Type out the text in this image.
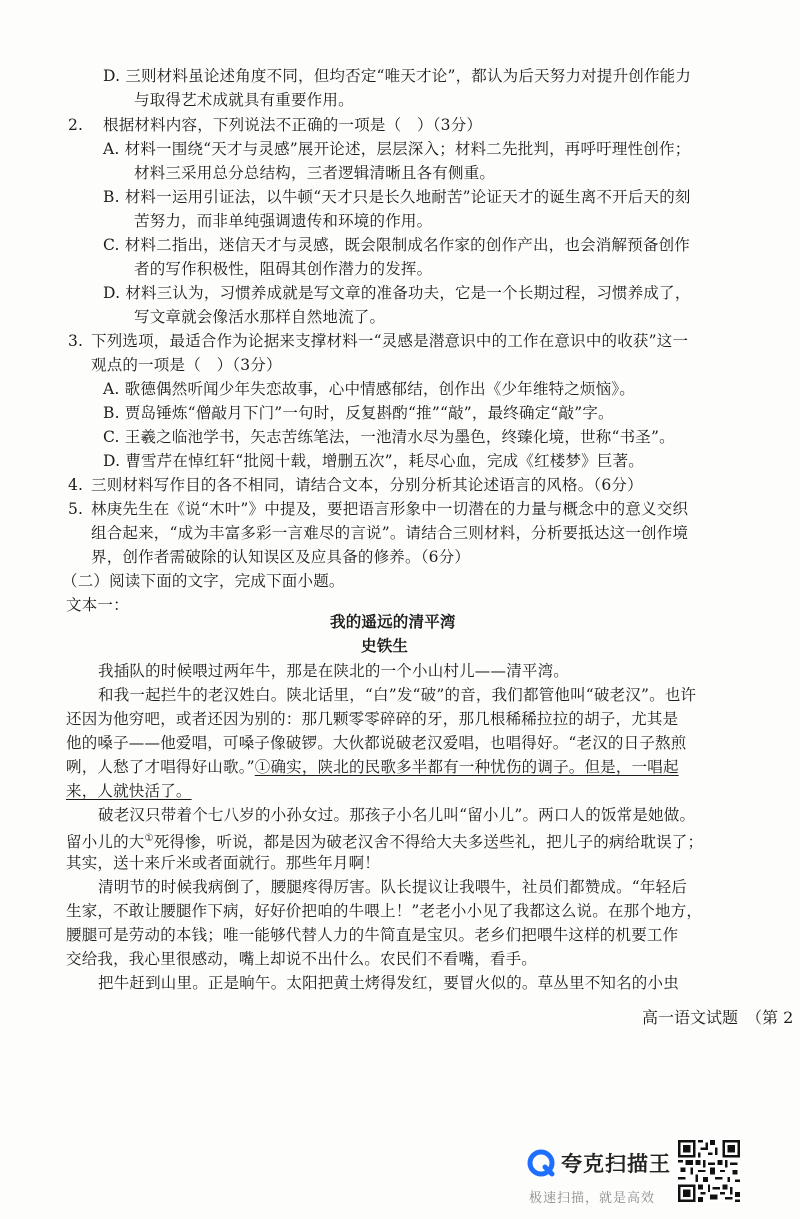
D. 三则材料虽论述角度不同，但均否定“唯天才论”，都认为后天努力对提升创作能力
与取得艺术成就具有重要作用。
2. 根据材料内容，下列说法不正确的一项是（　）（3分）
A. 材料一围绕“天才与灵感”展开论述，层层深入；材料二先批判，再呼吁理性创作；
材料三采用总分总结构，三者逻辑清晰且各有侧重。
B. 材料一运用引证法，以牛顿“天才只是长久地耐苦”论证天才的诞生离不开后天的刻
苦努力，而非单纯强调遗传和环境的作用。
C. 材料二指出，迷信天才与灵感，既会限制成名作家的创作产出，也会消解预备创作
者的写作积极性，阻碍其创作潜力的发挥。
D. 材料三认为，习惯养成就是写文章的准备功夫，它是一个长期过程，习惯养成了，
写文章就会像活水那样自然地流了。
3. 下列选项，最适合作为论据来支撑材料一“灵感是潜意识中的工作在意识中的收获”这一
观点的一项是（　）（3分）
A. 歌德偶然听闻少年失恋故事，心中情感郁结，创作出《少年维特之烦恼》。
B. 贾岛锤炼“僧敲月下门”一句时，反复斟酌“推”“敲”，最终确定“敲”字。
C. 王羲之临池学书，矢志苦练笔法，一池清水尽为墨色，终臻化境，世称“书圣”。
D. 曹雪芹在悼红轩“批阅十载，增删五次”，耗尽心血，完成《红楼梦》巨著。
4. 三则材料写作目的各不相同，请结合文本，分别分析其论述语言的风格。（6分）
5. 林庚先生在《说“木叶”》中提及，要把语言形象中一切潜在的力量与概念中的意义交织
组合起来，“成为丰富多彩一言难尽的言说”。请结合三则材料，分析要抵达这一创作境
界，创作者需破除的认知误区及应具备的修养。（6分）
（二）阅读下面的文字，完成下面小题。
文本一：
我的遥远的清平湾
史铁生
我插队的时候喂过两年牛，那是在陕北的一个小山村儿——清平湾。
和我一起拦牛的老汉姓白。陕北话里，“白”发“破”的音，我们都管他叫“破老汉”。也许
还因为他穷吧，或者还因为别的：那几颗零零碎碎的牙，那几根稀稀拉拉的胡子，尤其是
他的嗓子——他爱唱，可嗓子像破锣。大伙都说破老汉爱唱，也唱得好。“老汉的日子熬煎
咧，人愁了才唱得好山歌。”①确实，陕北的民歌多半都有一种忧伤的调子。但是，一唱起
来，人就快活了。
破老汉只带着个七八岁的小孙女过。那孩子小名儿叫“留小儿”。两口人的饭常是她做。
留小儿的大①死得惨，听说，都是因为破老汉舍不得给大夫多送些礼，把儿子的病给耽误了；
其实，送十来斤米或者面就行。那些年月啊！
清明节的时候我病倒了，腰腿疼得厉害。队长提议让我喂牛，社员们都赞成。“年轻后
生家，不敢让腰腿作下病，好好价把咱的牛喂上！”老老小小见了我都这么说。在那个地方，
腰腿可是劳动的本钱；唯一能够代替人力的牛简直是宝贝。老乡们把喂牛这样的机要工作
交给我，我心里很感动，嘴上却说不出什么。农民们不看嘴，看手。
把牛赶到山里。正是晌午。太阳把黄土烤得发红，要冒火似的。草丛里不知名的小虫
高一语文试题　（第 2
夸克扫描王
极速扫描，就是高效
